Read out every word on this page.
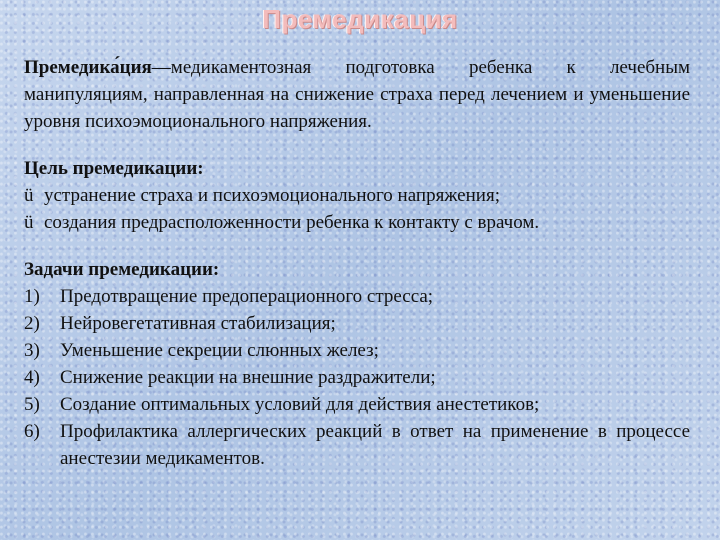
Премедикация

Премедика́ция—медикаментозная подготовка ребенка к лечебным манипуляциям, направленная на снижение страха перед лечением и уменьшение уровня психоэмоционального напряжения.

Цель премедикации:
ü устранение страха и психоэмоционального напряжения;
ü создания предрасположенности ребенка к контакту с врачом.
Задачи премедикации:
1)	Предотвращение предоперационного стресса;
2)	Нейровегетативная стабилизация;
3)	Уменьшение секреции слюнных желез;
4)	Снижение реакции на внешние раздражители;
5)	Создание оптимальных условий для действия анестетиков;
6)	Профилактика аллергических реакций в ответ на применение в процессе анестезии медикаментов.
